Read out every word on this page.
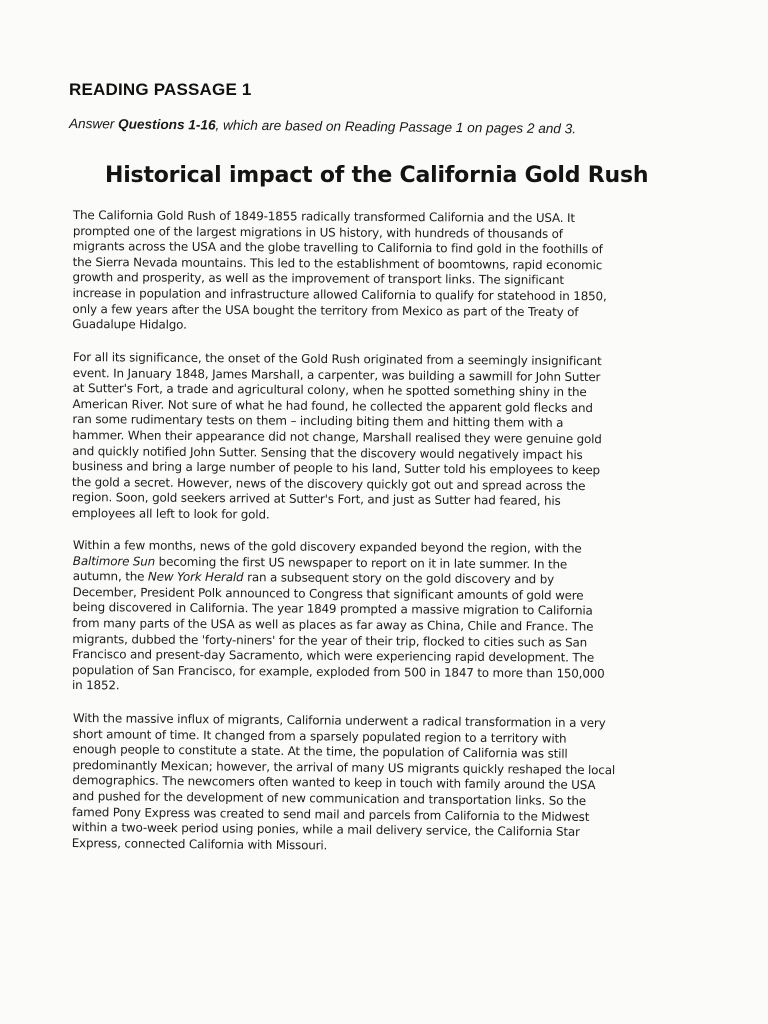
READING PASSAGE 1

Answer Questions 1-16, which are based on Reading Passage 1 on pages 2 and 3.

Historical impact of the California Gold Rush
The California Gold Rush of 1849-1855 radically transformed California and the USA. It
prompted one of the largest migrations in US history, with hundreds of thousands of
migrants across the USA and the globe travelling to California to find gold in the foothills of
the Sierra Nevada mountains. This led to the establishment of boomtowns, rapid economic
growth and prosperity, as well as the improvement of transport links. The significant
increase in population and infrastructure allowed California to qualify for statehood in 1850,
only a few years after the USA bought the territory from Mexico as part of the Treaty of
Guadalupe Hidalgo.
For all its significance, the onset of the Gold Rush originated from a seemingly insignificant
event. In January 1848, James Marshall, a carpenter, was building a sawmill for John Sutter
at Sutter's Fort, a trade and agricultural colony, when he spotted something shiny in the
American River. Not sure of what he had found, he collected the apparent gold flecks and
ran some rudimentary tests on them – including biting them and hitting them with a
hammer. When their appearance did not change, Marshall realised they were genuine gold
and quickly notified John Sutter. Sensing that the discovery would negatively impact his
business and bring a large number of people to his land, Sutter told his employees to keep
the gold a secret. However, news of the discovery quickly got out and spread across the
region. Soon, gold seekers arrived at Sutter's Fort, and just as Sutter had feared, his
employees all left to look for gold.
Within a few months, news of the gold discovery expanded beyond the region, with the
Baltimore Sun becoming the first US newspaper to report on it in late summer. In the
autumn, the New York Herald ran a subsequent story on the gold discovery and by
December, President Polk announced to Congress that significant amounts of gold were
being discovered in California. The year 1849 prompted a massive migration to California
from many parts of the USA as well as places as far away as China, Chile and France. The
migrants, dubbed the 'forty-niners' for the year of their trip, flocked to cities such as San
Francisco and present-day Sacramento, which were experiencing rapid development. The
population of San Francisco, for example, exploded from 500 in 1847 to more than 150,000
in 1852.
With the massive influx of migrants, California underwent a radical transformation in a very
short amount of time. It changed from a sparsely populated region to a territory with
enough people to constitute a state. At the time, the population of California was still
predominantly Mexican; however, the arrival of many US migrants quickly reshaped the local
demographics. The newcomers often wanted to keep in touch with family around the USA
and pushed for the development of new communication and transportation links. So the
famed Pony Express was created to send mail and parcels from California to the Midwest
within a two-week period using ponies, while a mail delivery service, the California Star
Express, connected California with Missouri.
